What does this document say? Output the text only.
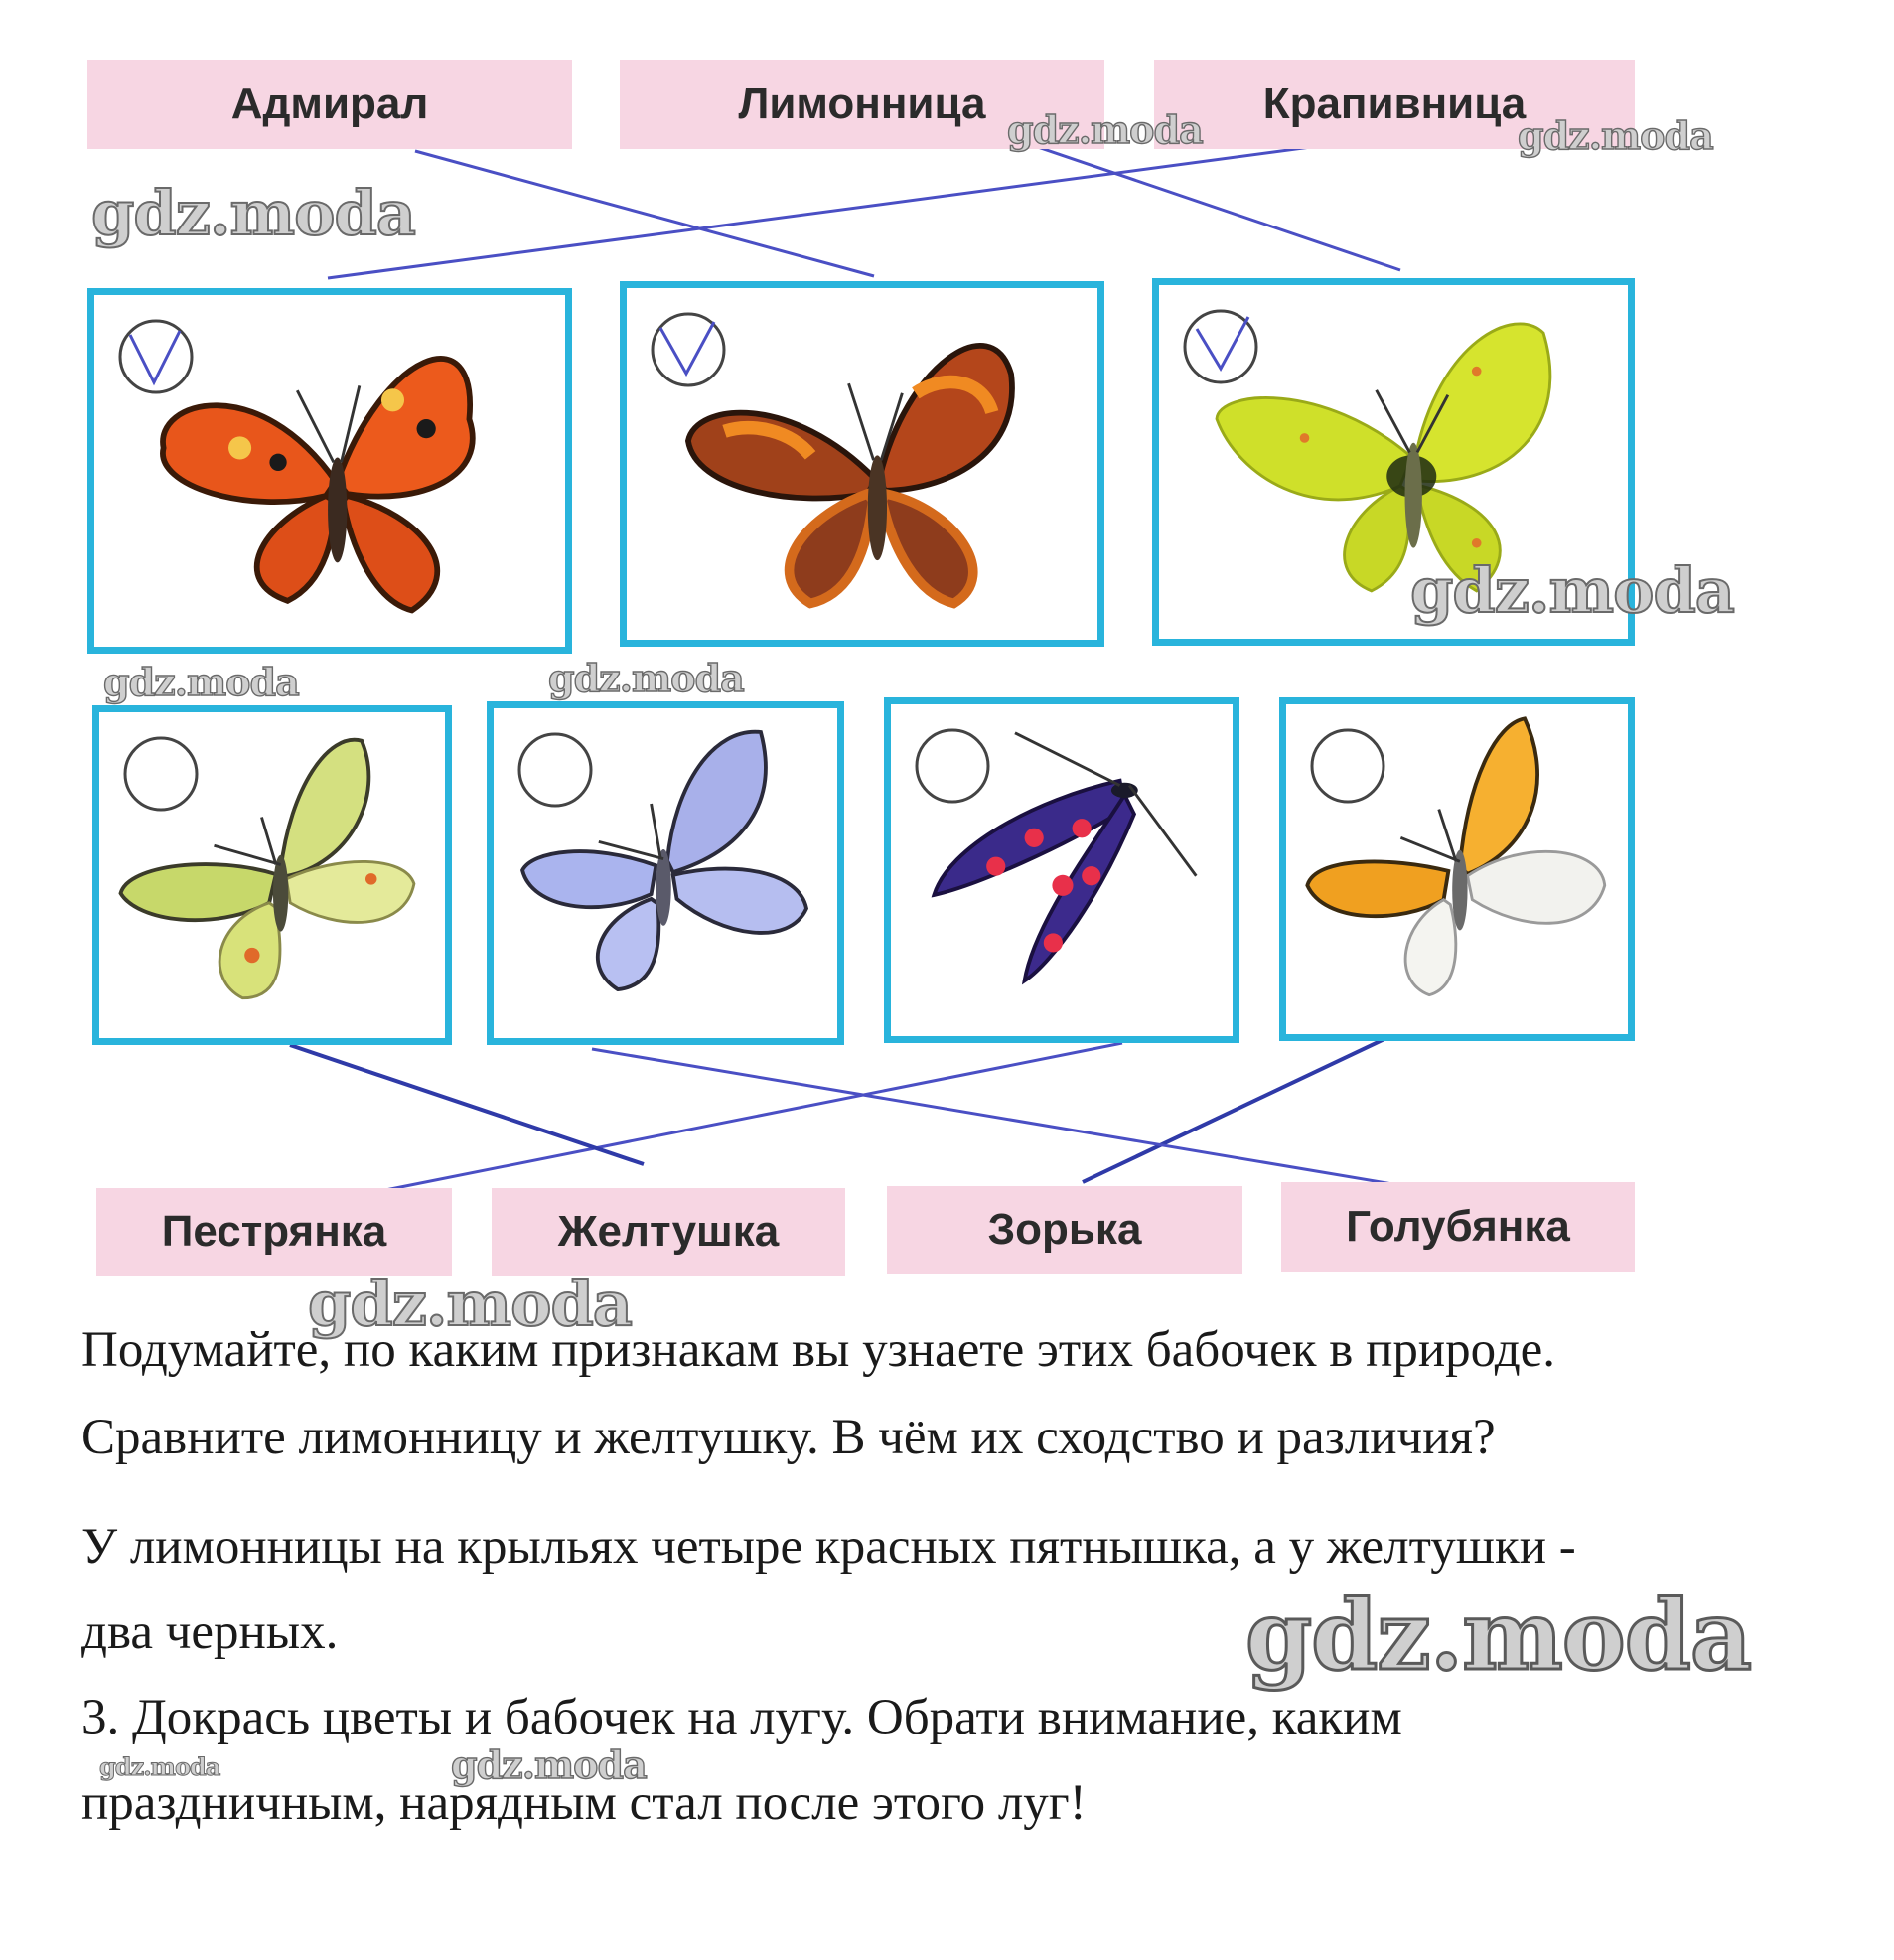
Адмирал	Лимонница	Крапивница
Пестрянка	Желтушка	Зорька	Голубянка
Подумайте, по каким признакам вы узнаете этих бабочек в природе.
Сравните лимонницу и желтушку. В чём их сходство и различия?
У лимонницы на крыльях четыре красных пятнышка, а у желтушки -
два черных.
3. Докрась цветы и бабочек на лугу. Обрати внимание, каким
праздничным, нарядным стал после этого луг!
gdz.moda
gdz.moda	gdz.moda
gdz.moda
gdz.moda	gdz.moda
gdz.moda
gdz.moda
gdz.moda	gdz.moda
